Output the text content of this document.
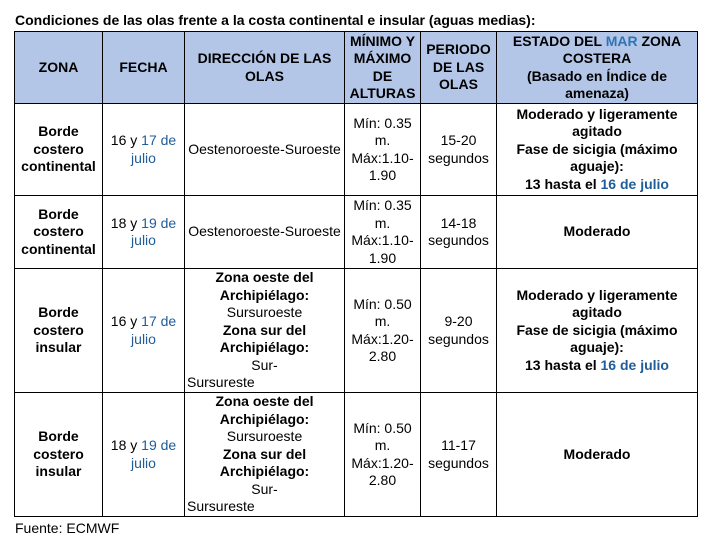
Condiciones de las olas frente a la costa continental e insular (aguas medias):
ZONA	FECHA	DIRECCIÓN DE LAS OLAS	MÍNIMO Y MÁXIMO DE ALTURAS	PERIODO DE LAS OLAS	ESTADO DEL MAR ZONA COSTERA
(Basado en Índice de amenaza)
Borde costero continental	16 y 17 de julio	Oestenoroeste-Suroeste	Mín: 0.35 m. Máx:1.10-1.90	15-20 segundos	Moderado y ligeramente agitado
Fase de sicigia (máximo aguaje):
13 hasta el 16 de julio

Borde costero continental	18 y 19 de julio	Oestenoroeste-Suroeste	Mín: 0.35 m. Máx:1.10-1.90	14-18 segundos	Moderado
Borde costero insular	16 y 17 de julio	Zona oeste del Archipiélago:
Sursuroeste
Zona sur del Archipiélago:
Sur-
Sursureste	Mín: 0.50 m. Máx:1.20-2.80	9-20 segundos	Moderado y ligeramente agitado
Fase de sicigia (máximo aguaje):
13 hasta el 16 de julio

Borde costero insular	18 y 19 de julio	Zona oeste del Archipiélago:
Sursuroeste
Zona sur del Archipiélago:
Sur-
Sursureste	Mín: 0.50 m. Máx:1.20-2.80	11-17 segundos	Moderado
Fuente: ECMWF
